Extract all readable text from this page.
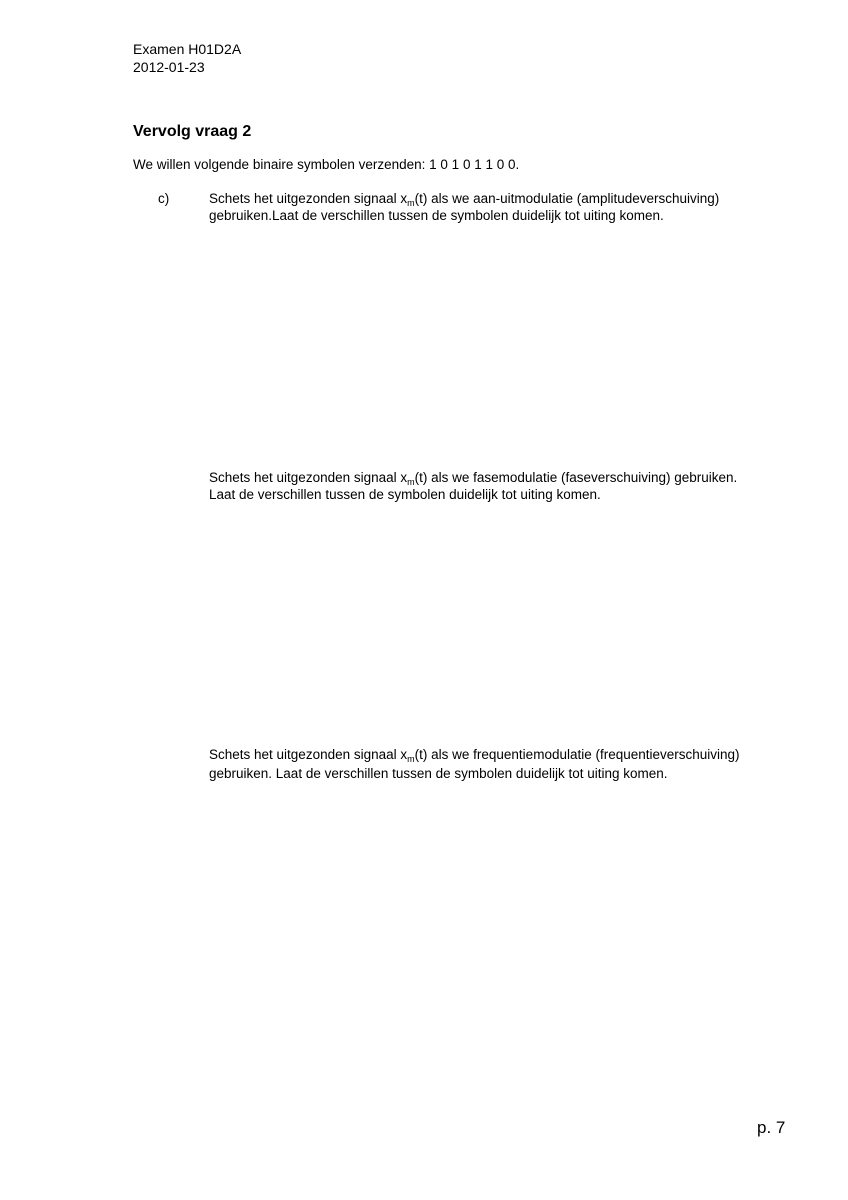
Examen H01D2A
2012-01-23
Vervolg vraag 2
We willen volgende binaire symbolen verzenden: 1 0 1 0 1 1 0 0.
c)	Schets het uitgezonden signaal $x_m(t)$ als we aan-uitmodulatie (amplitudeverschuiving)
gebruiken.Laat de verschillen tussen de symbolen duidelijk tot uiting komen.
Schets het uitgezonden signaal $x_m(t)$ als we fasemodulatie (faseverschuiving) gebruiken.
Laat de verschillen tussen de symbolen duidelijk tot uiting komen.
Schets het uitgezonden signaal $x_m(t)$ als we frequentiemodulatie (frequentieverschuiving)
gebruiken. Laat de verschillen tussen de symbolen duidelijk tot uiting komen.
p. 7
